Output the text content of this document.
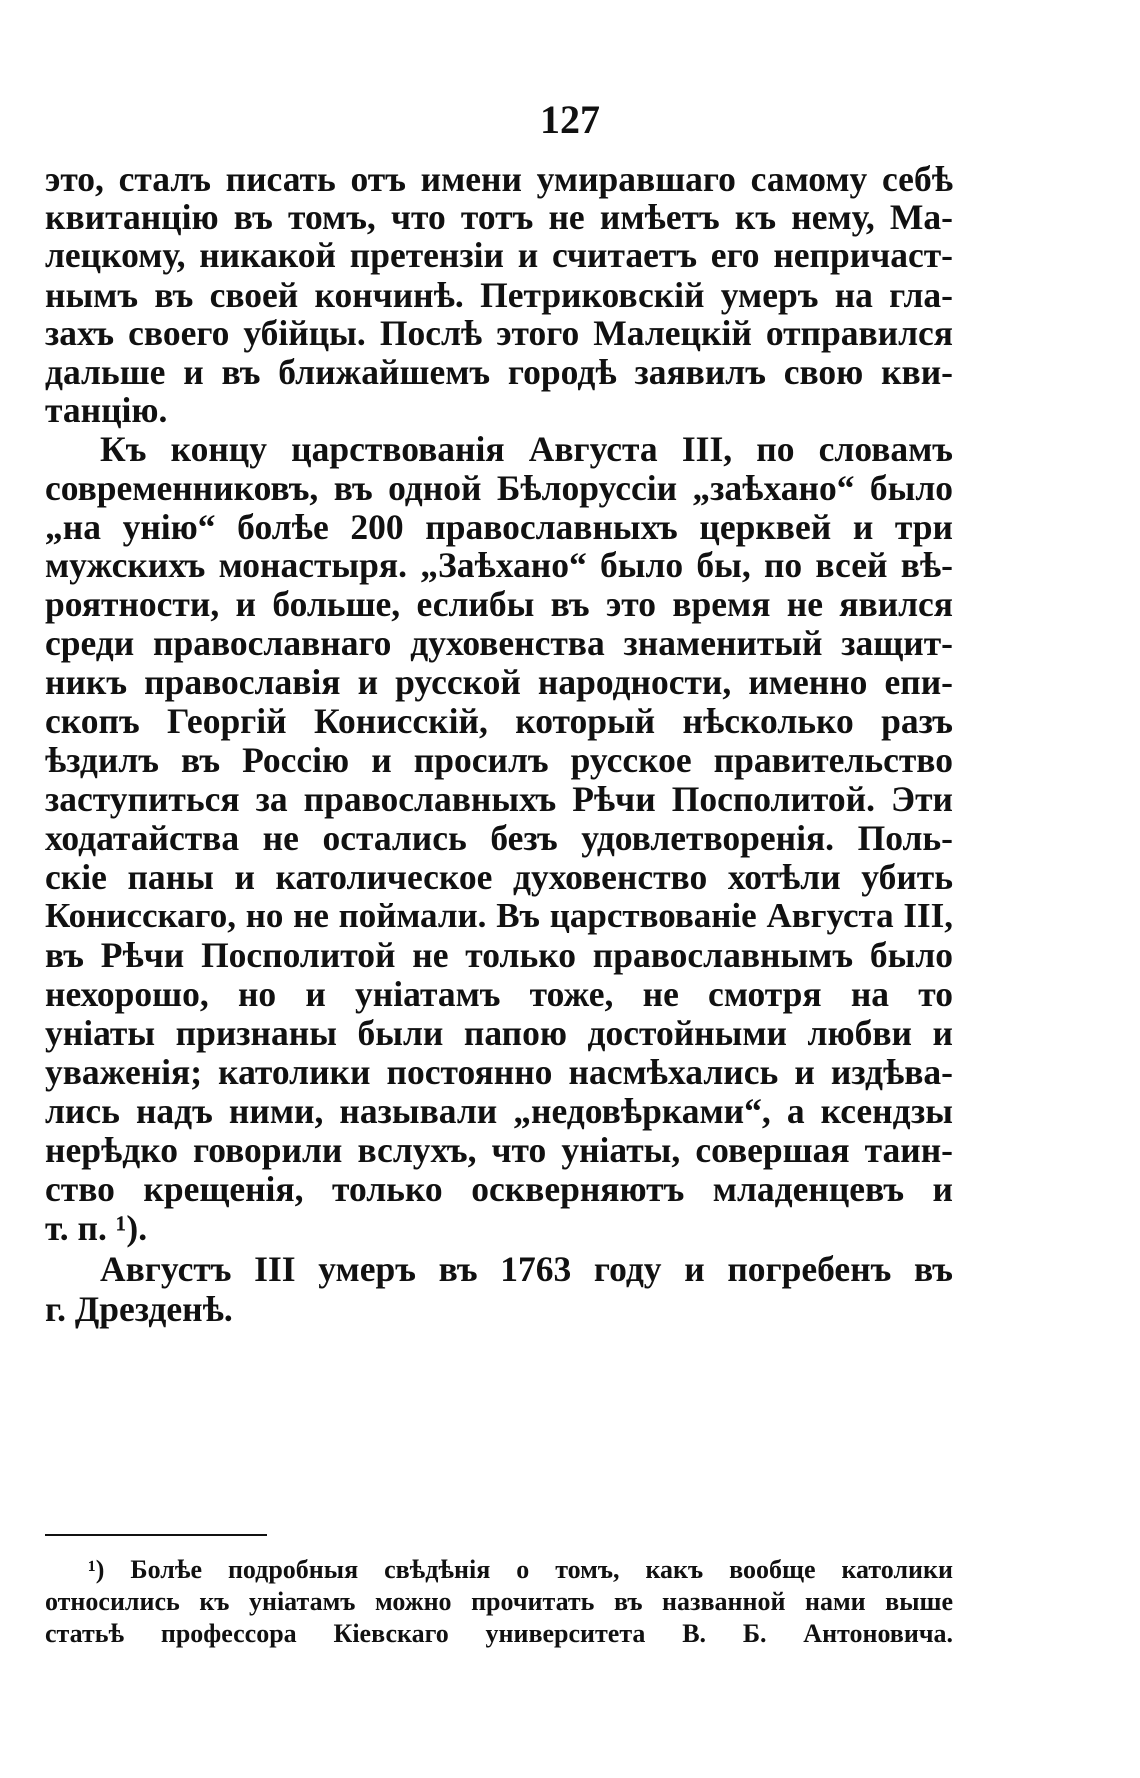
127
это, сталъ писать отъ имени умиравшаго самому себѣ
квитанцію въ томъ, что тотъ не имѣетъ къ нему, Ма-
лецкому, никакой претензіи и считаетъ его непричаст-
нымъ въ своей кончинѣ. Петриковскій умеръ на гла-
захъ своего убійцы. Послѣ этого Малецкій отправился
дальше и въ ближайшемъ городѣ заявилъ свою кви-
танцію.
Къ концу царствованія Августа III, по словамъ
современниковъ, въ одной Бѣлоруссіи „заѣхано“ было
„на унію“ болѣе 200 православныхъ церквей и три
мужскихъ монастыря. „Заѣхано“ было бы, по всей вѣ-
роятности, и больше, еслибы въ это время не явился
среди православнаго духовенства знаменитый защит-
никъ православія и русской народности, именно епи-
скопъ Георгій Конисскій, который нѣсколько разъ
ѣздилъ въ Россію и просилъ русское правительство
заступиться за православныхъ Рѣчи Посполитой. Эти
ходатайства не остались безъ удовлетворенія. Поль-
скіе паны и католическое духовенство хотѣли убить
Конисскаго, но не поймали. Въ царствованіе Августа III,
въ Рѣчи Посполитой не только православнымъ было
нехорошо, но и уніатамъ тоже, не смотря на то
уніаты признаны были папою достойными любви и
уваженія; католики постоянно насмѣхались и издѣва-
лись надъ ними, называли „недовѣрками“, а ксендзы
нерѣдко говорили вслухъ, что уніаты, совершая таин-
ство крещенія, только оскверняютъ младенцевъ и
т. п. ¹).
Августъ III умеръ въ 1763 году и погребенъ въ
г. Дрезденѣ.
¹) Болѣе подробныя свѣдѣнія о томъ, какъ вообще католики
относились къ уніатамъ можно прочитать въ названной нами выше
статьѣ профессора Кіевскаго университета В. Б. Антоновича.
